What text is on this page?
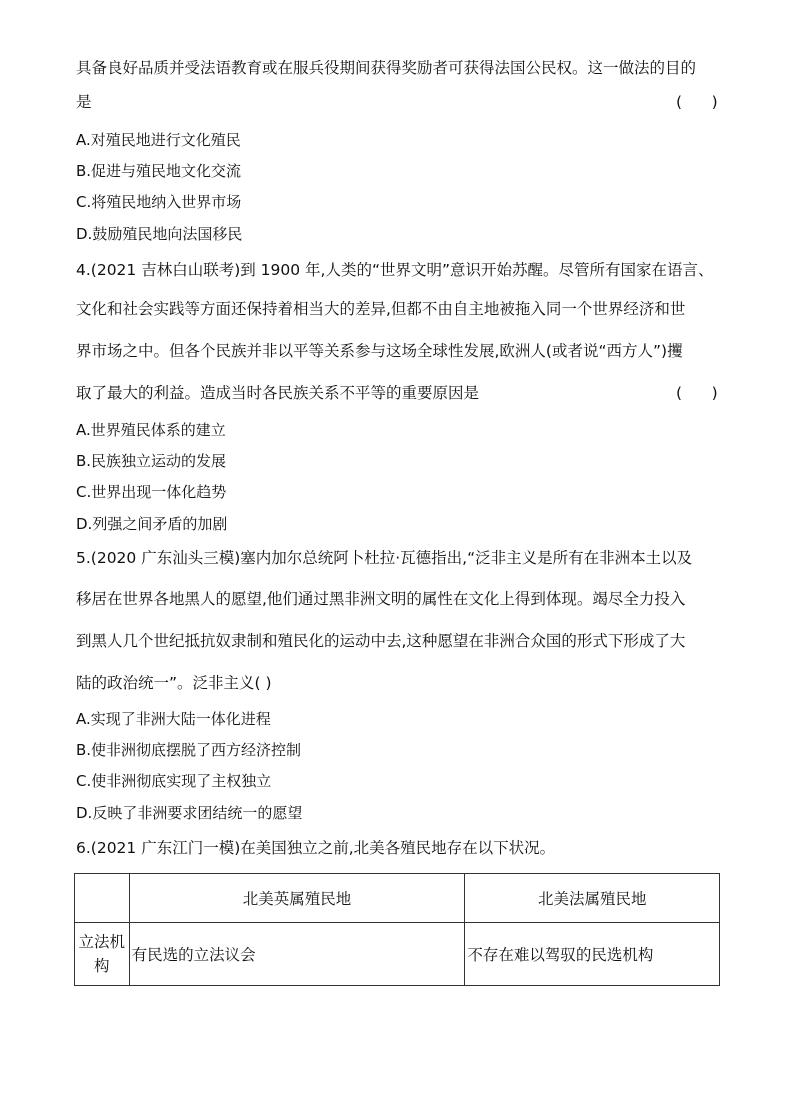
具备良好品质并受法语教育或在服兵役期间获得奖励者可获得法国公民权。这一做法的目的
是	(      )
A.对殖民地进行文化殖民
B.促进与殖民地文化交流
C.将殖民地纳入世界市场
D.鼓励殖民地向法国移民
4.(2021 吉林白山联考)到 1900 年,人类的“世界文明”意识开始苏醒。尽管所有国家在语言、
文化和社会实践等方面还保持着相当大的差异,但都不由自主地被拖入同一个世界经济和世
界市场之中。但各个民族并非以平等关系参与这场全球性发展,欧洲人(或者说“西方人”)攫
取了最大的利益。造成当时各民族关系不平等的重要原因是	(      )
A.世界殖民体系的建立
B.民族独立运动的发展
C.世界出现一体化趋势
D.列强之间矛盾的加剧
5.(2020 广东汕头三模)塞内加尔总统阿卜杜拉·瓦德指出,“泛非主义是所有在非洲本土以及
移居在世界各地黑人的愿望,他们通过黑非洲文明的属性在文化上得到体现。竭尽全力投入
到黑人几个世纪抵抗奴隶制和殖民化的运动中去,这种愿望在非洲合众国的形式下形成了大
陆的政治统一”。泛非主义( )
A.实现了非洲大陆一体化进程
B.使非洲彻底摆脱了西方经济控制
C.使非洲彻底实现了主权独立
D.反映了非洲要求团结统一的愿望
6.(2021 广东江门一模)在美国独立之前,北美各殖民地存在以下状况。
	北美英属殖民地	北美法属殖民地

立法机
构	有民选的立法议会	不存在难以驾驭的民选机构
